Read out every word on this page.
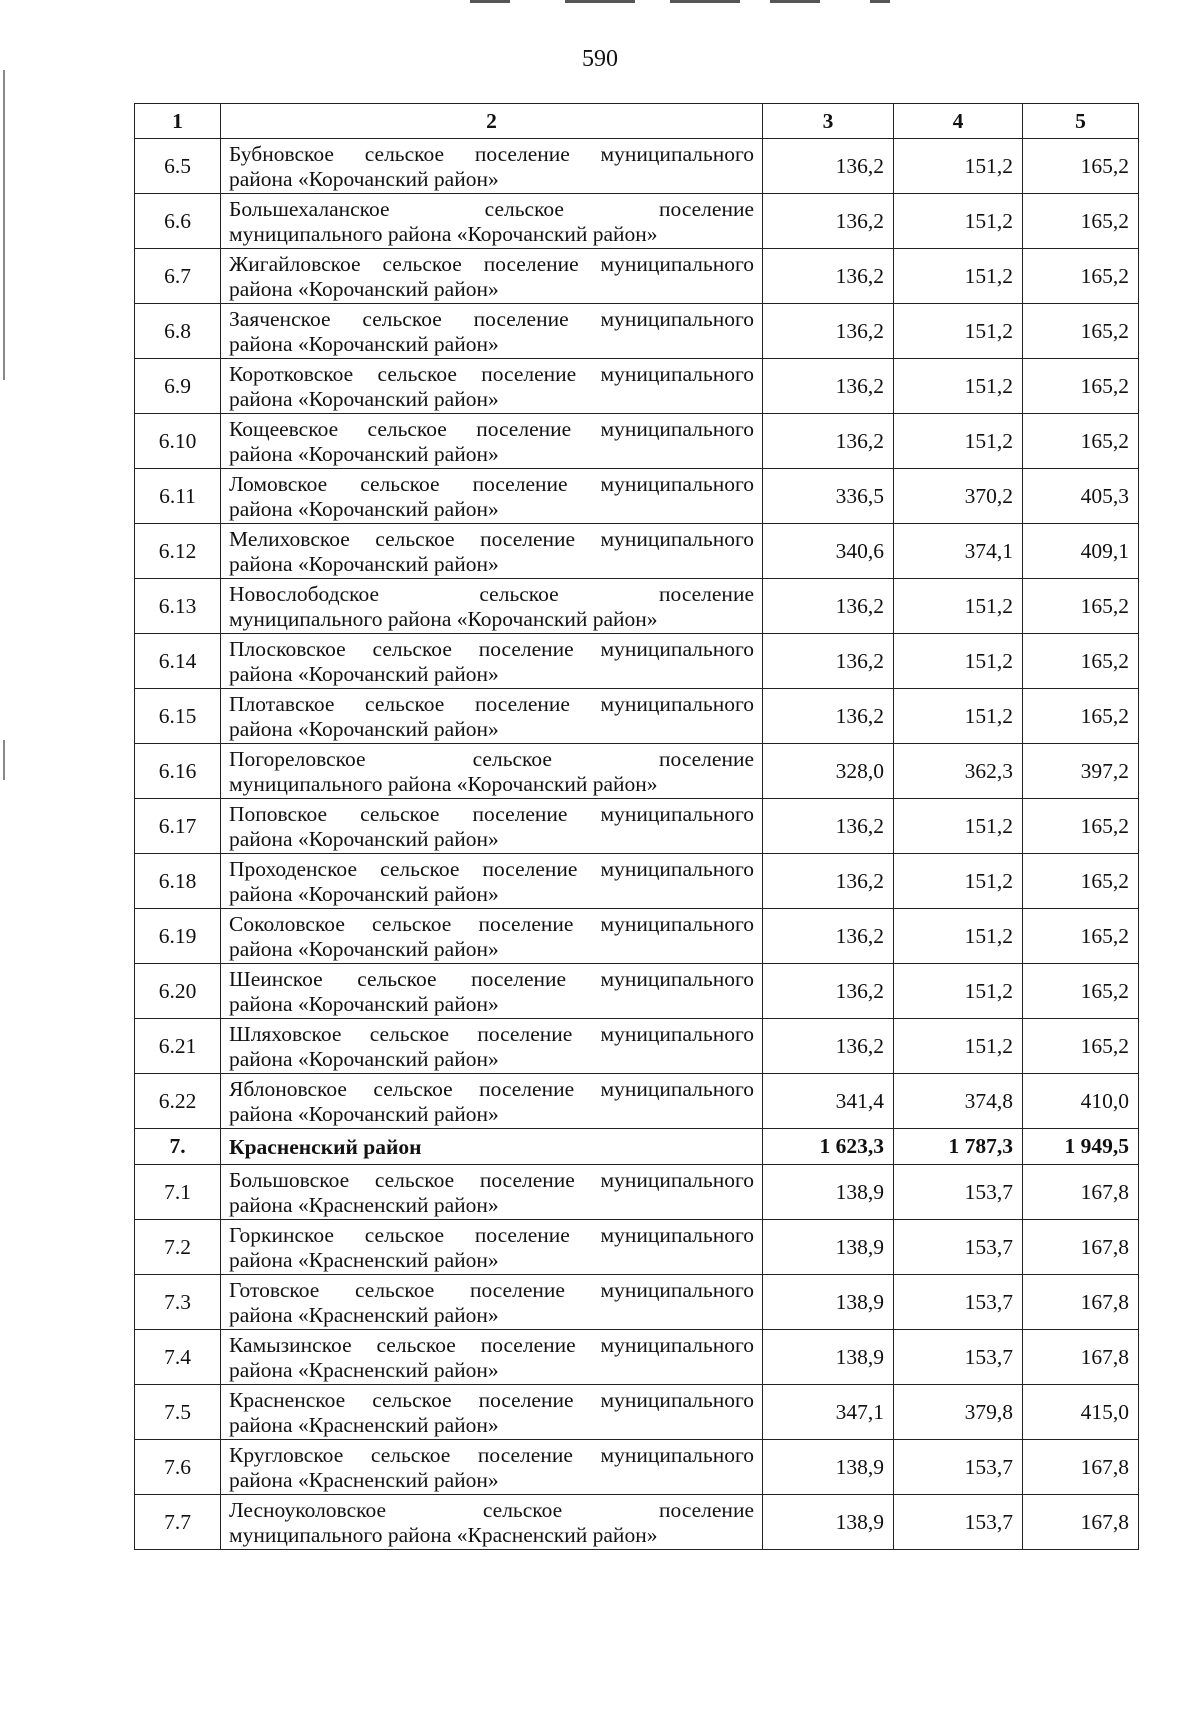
590
1	2	3	4	5
6.5	Бубновское сельское поселение муниципального
района «Корочанский район»	136,2	151,2	165,2
6.6	Большехаланское сельское поселение
муниципального района «Корочанский район»	136,2	151,2	165,2
6.7	Жигайловское сельское поселение муниципального
района «Корочанский район»	136,2	151,2	165,2
6.8	Заяченское сельское поселение муниципального
района «Корочанский район»	136,2	151,2	165,2
6.9	Коротковское сельское поселение муниципального
района «Корочанский район»	136,2	151,2	165,2
6.10	Кощеевское сельское поселение муниципального
района «Корочанский район»	136,2	151,2	165,2
6.11	Ломовское сельское поселение муниципального
района «Корочанский район»	336,5	370,2	405,3
6.12	Мелиховское сельское поселение муниципального
района «Корочанский район»	340,6	374,1	409,1
6.13	Новослободское сельское поселение
муниципального района «Корочанский район»	136,2	151,2	165,2
6.14	Плосковское сельское поселение муниципального
района «Корочанский район»	136,2	151,2	165,2
6.15	Плотавское сельское поселение муниципального
района «Корочанский район»	136,2	151,2	165,2
6.16	Погореловское сельское поселение
муниципального района «Корочанский район»	328,0	362,3	397,2
6.17	Поповское сельское поселение муниципального
района «Корочанский район»	136,2	151,2	165,2
6.18	Проходенское сельское поселение муниципального
района «Корочанский район»	136,2	151,2	165,2
6.19	Соколовское сельское поселение муниципального
района «Корочанский район»	136,2	151,2	165,2
6.20	Шеинское сельское поселение муниципального
района «Корочанский район»	136,2	151,2	165,2
6.21	Шляховское сельское поселение муниципального
района «Корочанский район»	136,2	151,2	165,2
6.22	Яблоновское сельское поселение муниципального
района «Корочанский район»	341,4	374,8	410,0
7.	Красненский район	1 623,3	1 787,3	1 949,5
7.1	Большовское сельское поселение муниципального
района «Красненский район»	138,9	153,7	167,8
7.2	Горкинское сельское поселение муниципального
района «Красненский район»	138,9	153,7	167,8
7.3	Готовское сельское поселение муниципального
района «Красненский район»	138,9	153,7	167,8
7.4	Камызинское сельское поселение муниципального
района «Красненский район»	138,9	153,7	167,8
7.5	Красненское сельское поселение муниципального
района «Красненский район»	347,1	379,8	415,0
7.6	Кругловское сельское поселение муниципального
района «Красненский район»	138,9	153,7	167,8
7.7	Лесноуколовское сельское поселение
муниципального района «Красненский район»	138,9	153,7	167,8
